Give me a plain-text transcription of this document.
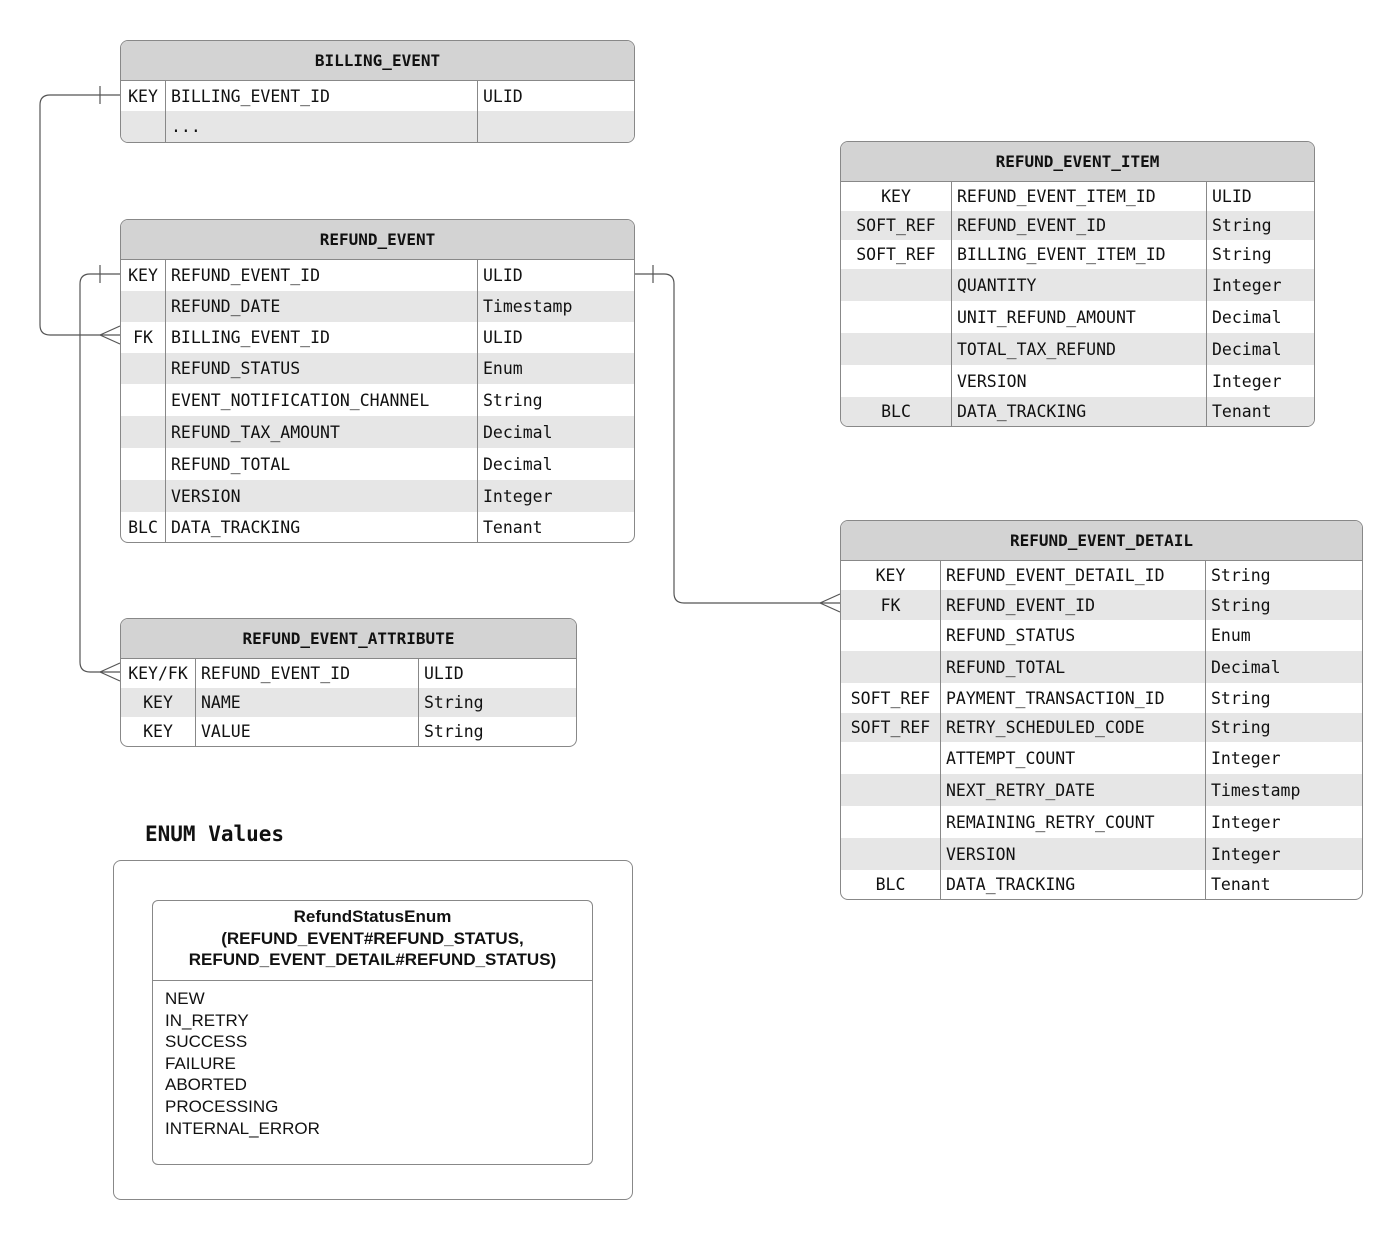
BILLING_EVENT
KEY BILLING_EVENT_ID	ULID
...
REFUND_EVENT
KEY REFUND_EVENT_ID	ULID
REFUND_DATE	Timestamp
FK	BILLING_EVENT_ID	ULID
REFUND_STATUS	Enum
EVENT_NOTIFICATION_CHANNEL	String
REFUND_TAX_AMOUNT	Decimal
REFUND_TOTAL	Decimal
VERSION	Integer
BLC DATA_TRACKING	Tenant
REFUND_EVENT_ATTRIBUTE
KEY/FK REFUND_EVENT_ID	ULID
KEY	NAME	String
KEY	VALUE	String
REFUND_EVENT_ITEM
KEY	REFUND_EVENT_ITEM_ID	ULID
SOFT_REF	REFUND_EVENT_ID	String
SOFT_REF	BILLING_EVENT_ITEM_ID	String
QUANTITY	Integer
UNIT_REFUND_AMOUNT	Decimal
TOTAL_TAX_REFUND	Decimal
VERSION	Integer
BLC	DATA_TRACKING	Tenant
REFUND_EVENT_DETAIL
KEY	REFUND_EVENT_DETAIL_ID	String
FK	REFUND_EVENT_ID	String
REFUND_STATUS	Enum
REFUND_TOTAL	Decimal
SOFT_REF PAYMENT_TRANSACTION_ID	String
SOFT_REF RETRY_SCHEDULED_CODE	String
ATTEMPT_COUNT	Integer
NEXT_RETRY_DATE	Timestamp
REMAINING_RETRY_COUNT	Integer
VERSION	Integer
BLC	DATA_TRACKING	Tenant
ENUM Values
RefundStatusEnum
(REFUND_EVENT#REFUND_STATUS,
REFUND_EVENT_DETAIL#REFUND_STATUS)
NEW
IN_RETRY
SUCCESS
FAILURE
ABORTED
PROCESSING
INTERNAL_ERROR
